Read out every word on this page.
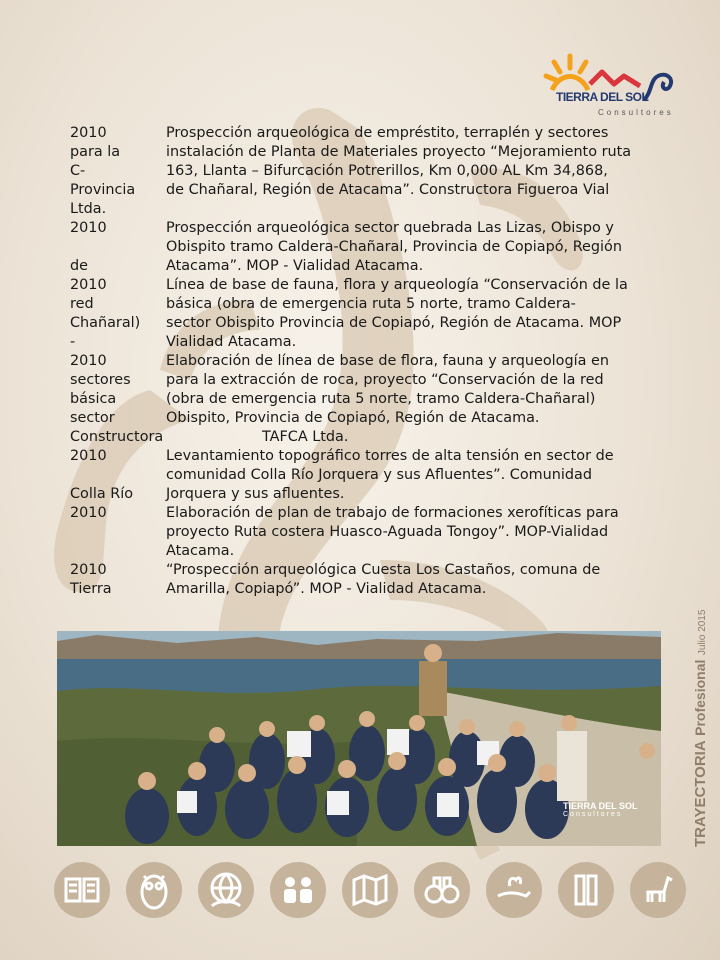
TIERRA DEL SOL
Consultores
2010	Prospección arqueológica de empréstito, terraplén y sectores
para la	instalación de Planta de Materiales proyecto “Mejoramiento ruta
C-	163, Llanta – Bifurcación Potrerillos, Km 0,000 AL Km 34,868,
Provincia	de Chañaral, Región de Atacama”. Constructora Figueroa Vial
Ltda.
2010	Prospección arqueológica sector quebrada Las Lizas, Obispo y
Obispito tramo Caldera-Chañaral, Provincia de Copiapó, Región
de	Atacama”. MOP - Vialidad Atacama.
2010	Línea de base de fauna, flora y arqueología “Conservación de la
red	básica (obra de emergencia ruta 5 norte, tramo Caldera-
Chañaral)	sector Obispito Provincia de Copiapó, Región de Atacama. MOP
-	Vialidad Atacama.
2010	Elaboración de línea de base de flora, fauna y arqueología en
sectores	para la extracción de roca, proyecto “Conservación de la red
básica	(obra de emergencia ruta 5 norte, tramo Caldera-Chañaral)
sector	Obispito, Provincia de Copiapó, Región de Atacama.
Constructora	TAFCA Ltda.
2010	Levantamiento topográfico torres de alta tensión en sector de
comunidad Colla Río Jorquera y sus Afluentes”. Comunidad
Colla Río	Jorquera y sus afluentes.
2010	Elaboración de plan de trabajo de formaciones xerofíticas para
proyecto Ruta costera Huasco-Aguada Tongoy”. MOP-Vialidad
Atacama.
2010	“Prospección arqueológica Cuesta Los Castaños, comuna de
Tierra	Amarilla, Copiapó”. MOP - Vialidad Atacama.
TIERRA DEL SOL
Consultores	TRAYECTORIA Profesional Julio 2015
